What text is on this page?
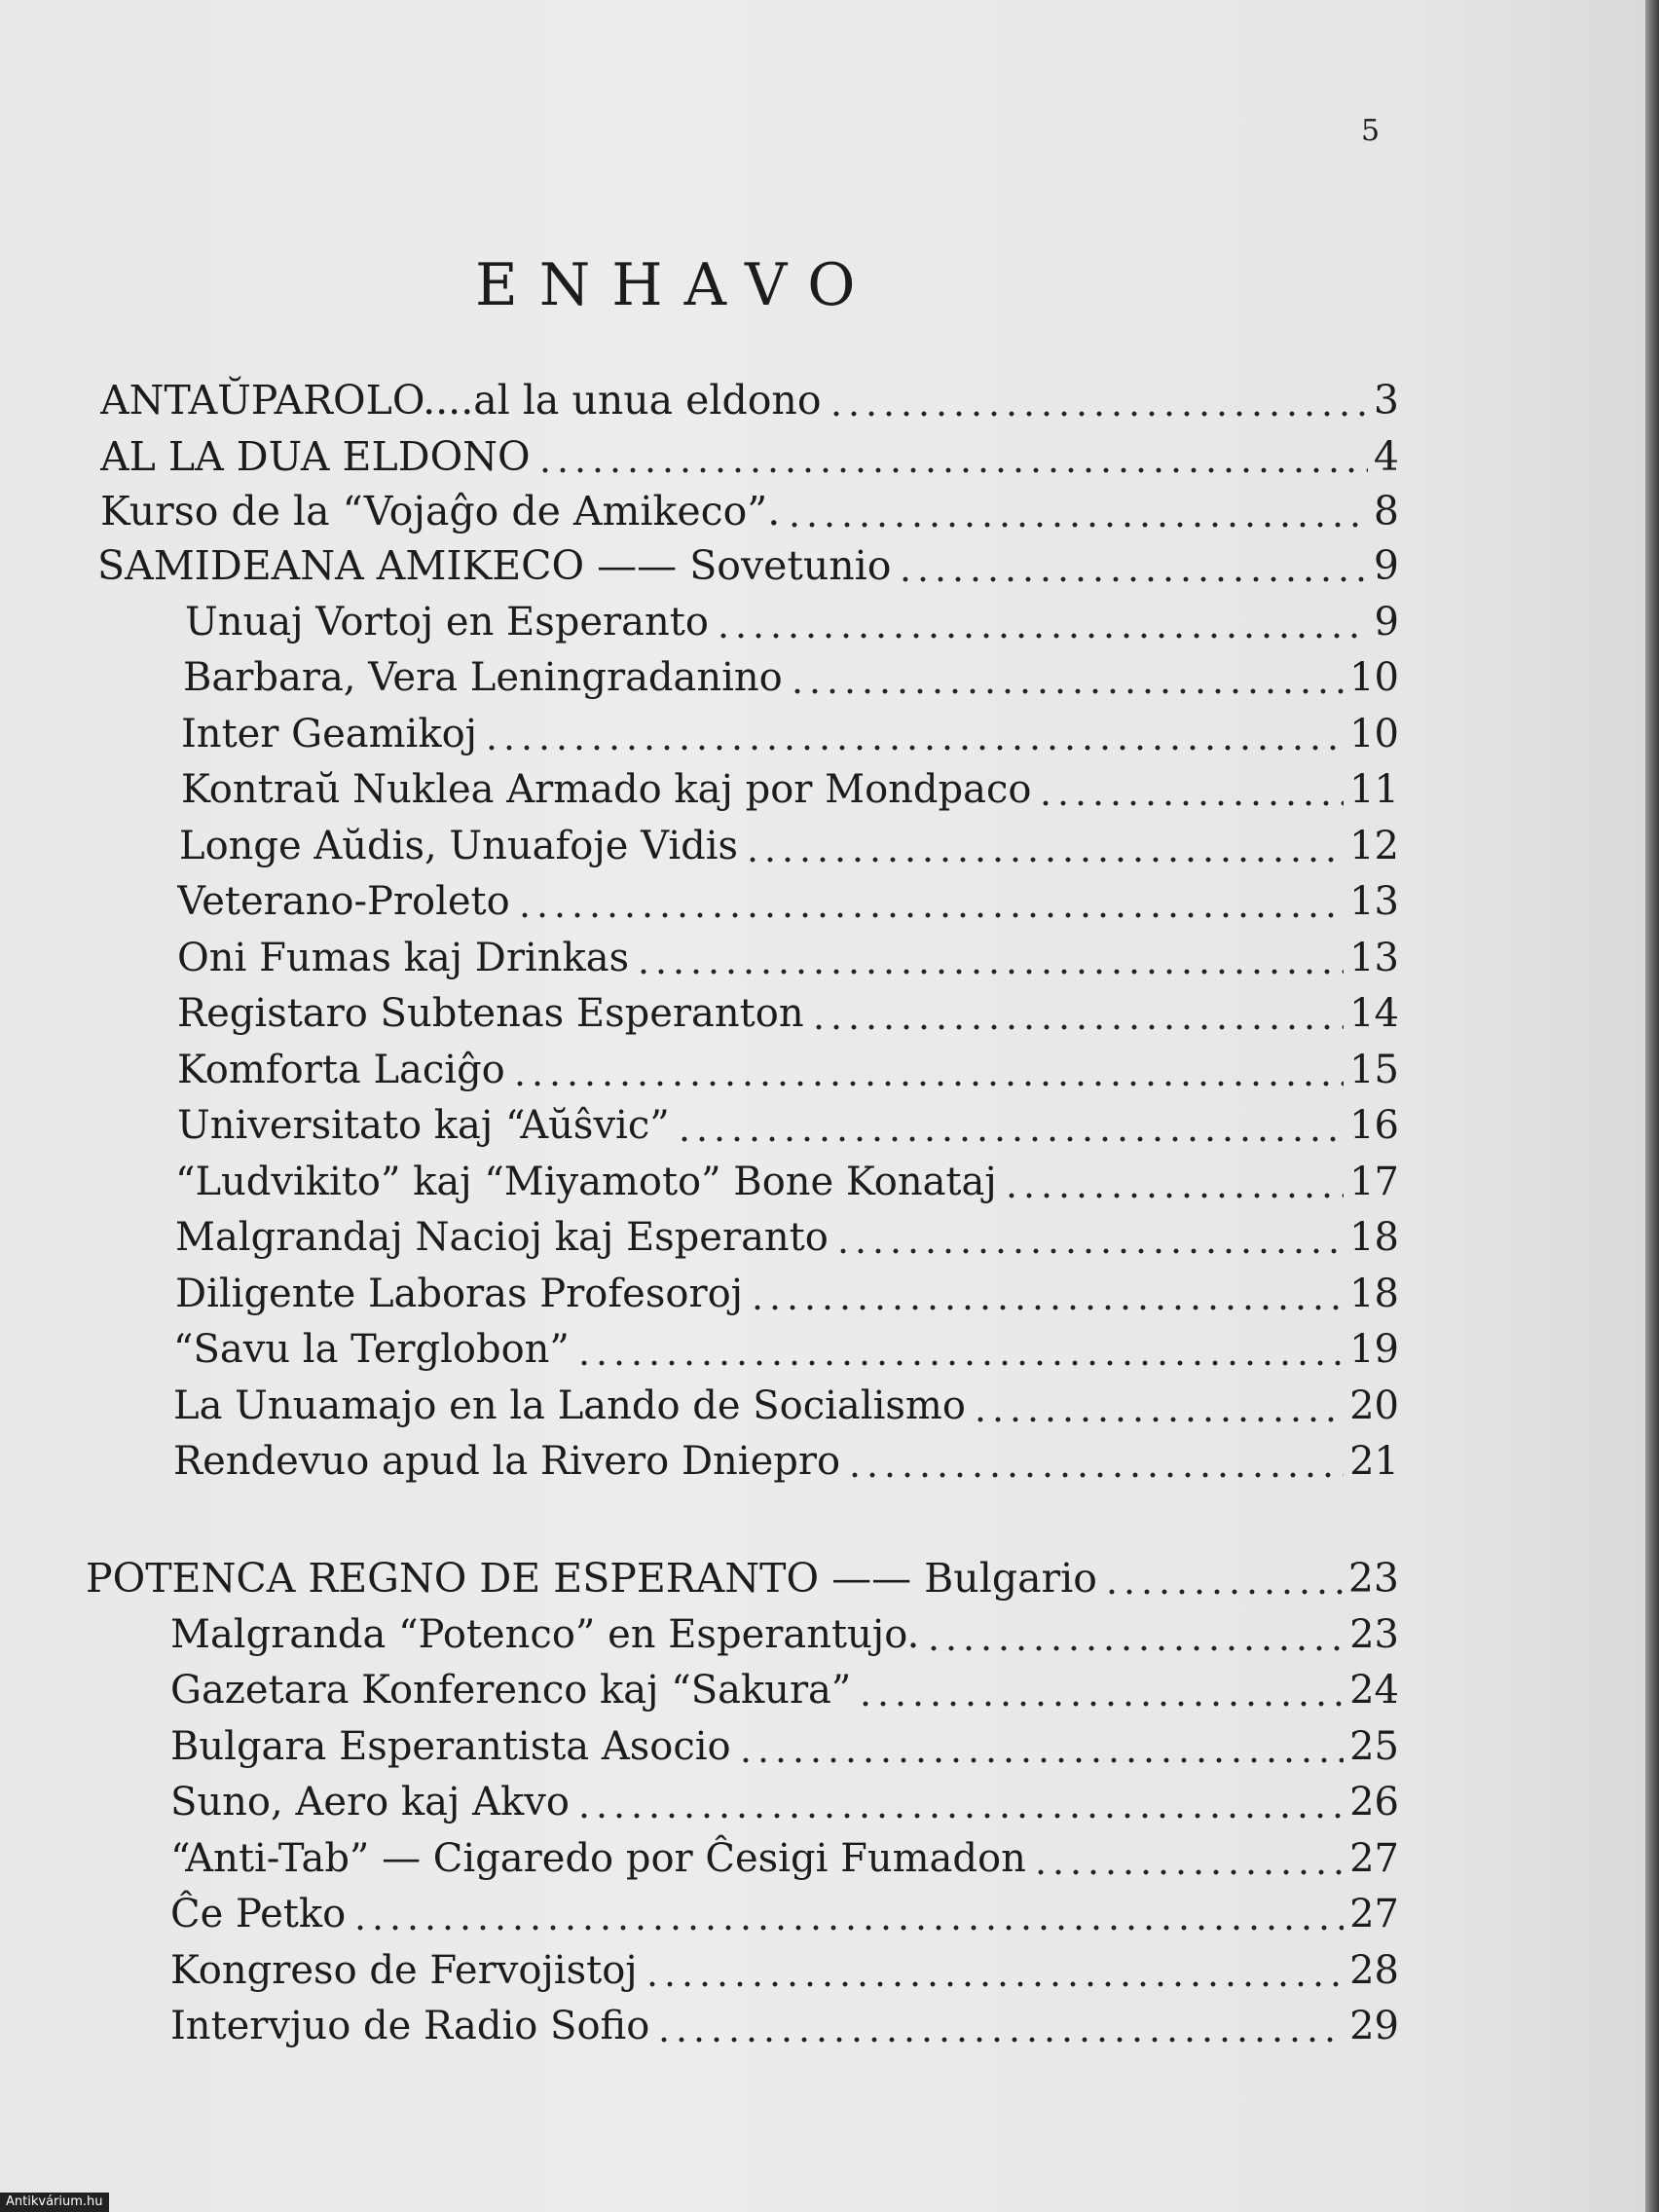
5
ENHAVO
ANTAŬPAROLO....al la unua eldono	3
AL LA DUA ELDONO	4
Kurso de la “Vojaĝo de Amikeco”.	8
SAMIDEANA AMIKECO —— Sovetunio	9
Unuaj Vortoj en Esperanto	9
Barbara, Vera Leningradanino	10
Inter Geamikoj	10
Kontraŭ Nuklea Armado kaj por Mondpaco	11
Longe Aŭdis, Unuafoje Vidis	12
Veterano-Proleto	13
Oni Fumas kaj Drinkas	13
Registaro Subtenas Esperanton	14
Komforta Laciĝo	15
Universitato kaj “Aŭŝvic”	16
“Ludvikito” kaj “Miyamoto” Bone Konataj	17
Malgrandaj Nacioj kaj Esperanto	18
Diligente Laboras Profesoroj	18
“Savu la Terglobon”	19
La Unuamajo en la Lando de Socialismo	20
Rendevuo apud la Rivero Dniepro	21
POTENCA REGNO DE ESPERANTO —— Bulgario	23
Malgranda “Potenco” en Esperantujo.	23
Gazetara Konferenco kaj “Sakura”	24
Bulgara Esperantista Asocio	25
Suno, Aero kaj Akvo	26
“Anti-Tab” — Cigaredo por Ĉesigi Fumadon	27
Ĉe Petko	27
Kongreso de Fervojistoj	28
Intervjuo de Radio Sofio	29
Antikvárium.hu
